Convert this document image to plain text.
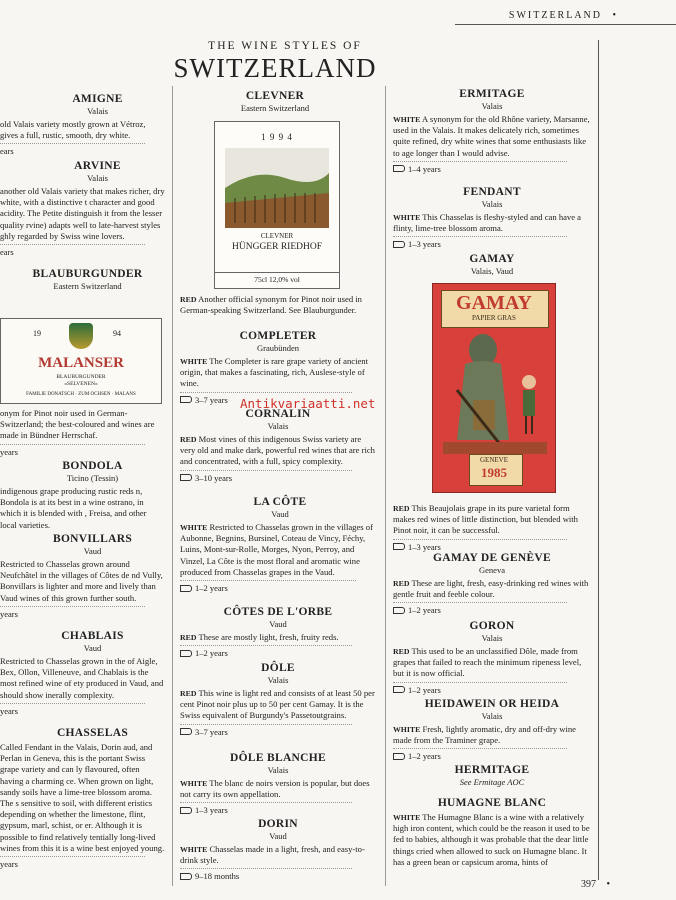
SWITZERLAND •
THE WINE STYLES OF
SWITZERLAND
AMIGNE
Valais
old Valais variety mostly grown at Vétroz, gives a full, rustic, smooth, dry white.
ears
ARVINE
Valais
another old Valais variety that makes richer, dry white, with a distinctive t character and good acidity. The Petite distinguish it from the lesser quality rvine) adapts well to late-harvest styles ghly regarded by Swiss wine lovers.
ears
BLAUBURGUNDER
Eastern Switzerland
19	94
MALANSER
BLAUBURGUNDER
«SELVENEN»
FAMILIE DONATSCH · ZUM OCHSEN · MALANS
onym for Pinot noir used in German- Switzerland; the best-coloured and wines are made in Bündner Herrschaf.
years
BONDOLA
Ticino (Tessin)
indigenous grape producing rustic reds n, Bondola is at its best in a wine ostrano, in which it is blended with , Freisa, and other local varieties.
BONVILLARS
Vaud
Restricted to Chasselas grown around Neufchâtel in the villages of Côtes de nd Vully, Bonvillars is lighter and more and lively than Vaud wines of this grown further south.
years
CHABLAIS
Vaud
Restricted to Chasselas grown in the of Aigle, Bex, Ollon, Villeneuve, and Chablais is the most refined wine of ety produced in Vaud, and should show inerally complexity.
years
CHASSELAS
Called Fendant in the Valais, Dorin aud, and Perlan in Geneva, this is the portant Swiss grape variety and can ly flavoured, often having a charming ce. When grown on light, sandy soils have a lime-tree blossom aroma. The s sensitive to soil, with different eristics depending on whether the limestone, flint, gypsum, marl, schist, or er. Although it is possible to find relatively tentially long-lived wines from this it is a wine best enjoyed young.
years
CLEVNER
Eastern Switzerland
1 9 9 4
CLEVNER
HÜNGGER RIEDHOF
75cl 12,0% vol
RED Another official synonym for Pinot noir used in German-speaking Switzerland. See Blauburgunder.
COMPLETER
Graubünden
WHITE The Completer is rare grape variety of ancient origin, that makes a fascinating, rich, Auslese-style of wine.
3–7 years
CORNALIN
Valais
RED Most vines of this indigenous Swiss variety are very old and make dark, powerful red wines that are rich and concentrated, with a full, spicy complexity.
3–10 years
LA CÔTE
Vaud
WHITE Restricted to Chasselas grown in the villages of Aubonne, Begnins, Bursinel, Coteau de Vincy, Féchy, Luins, Mont-sur-Rolle, Morges, Nyon, Perroy, and Vinzel, La Côte is the most floral and aromatic wine produced from Chasselas grapes in the Vaud.
1–2 years
CÔTES DE L'ORBE
Vaud
RED These are mostly light, fresh, fruity reds.
1–2 years
DÔLE
Valais
RED This wine is light red and consists of at least 50 per cent Pinot noir plus up to 50 per cent Gamay. It is the Swiss equivalent of Burgundy's Passetoutgrains.
3–7 years
DÔLE BLANCHE
Valais
WHITE The blanc de noirs version is popular, but does not carry its own appellation.
1–3 years
DORIN
Vaud
WHITE Chasselas made in a light, fresh, and easy-to-drink style.
9–18 months
ERMITAGE
Valais
WHITE A synonym for the old Rhône variety, Marsanne, used in the Valais. It makes delicately rich, sometimes quite refined, dry white wines that some enthusiasts like to age longer than I would advise.
1–4 years
FENDANT
Valais
WHITE This Chasselas is fleshy-styled and can have a flinty, lime-tree blossom aroma.
1–3 years
GAMAY
Valais, Vaud
GAMAY
PAPIER GRAS
GENEVE
1985
RED This Beaujolais grape in its pure varietal form makes red wines of little distinction, but blended with Pinot noir, it can be successful.
1–3 years
GAMAY DE GENÈVE
Geneva
RED These are light, fresh, easy-drinking red wines with gentle fruit and feeble colour.
1–2 years
GORON
Valais
RED This used to be an unclassified Dôle, made from grapes that failed to reach the minimum ripeness level, but it is now official.
1–2 years
HEIDAWEIN OR HEIDA
Valais
WHITE Fresh, lightly aromatic, dry and off-dry wine made from the Traminer grape.
1–2 years
HERMITAGE
See Ermitage AOC
HUMAGNE BLANC
WHITE The Humagne Blanc is a wine with a relatively high iron content, which could be the reason it used to be fed to babies, although it was probable that the dear little things cried when allowed to suck on Humagne blanc. It has a green bean or capsicum aroma, hints of
Antikvariaatti.net
397 •
